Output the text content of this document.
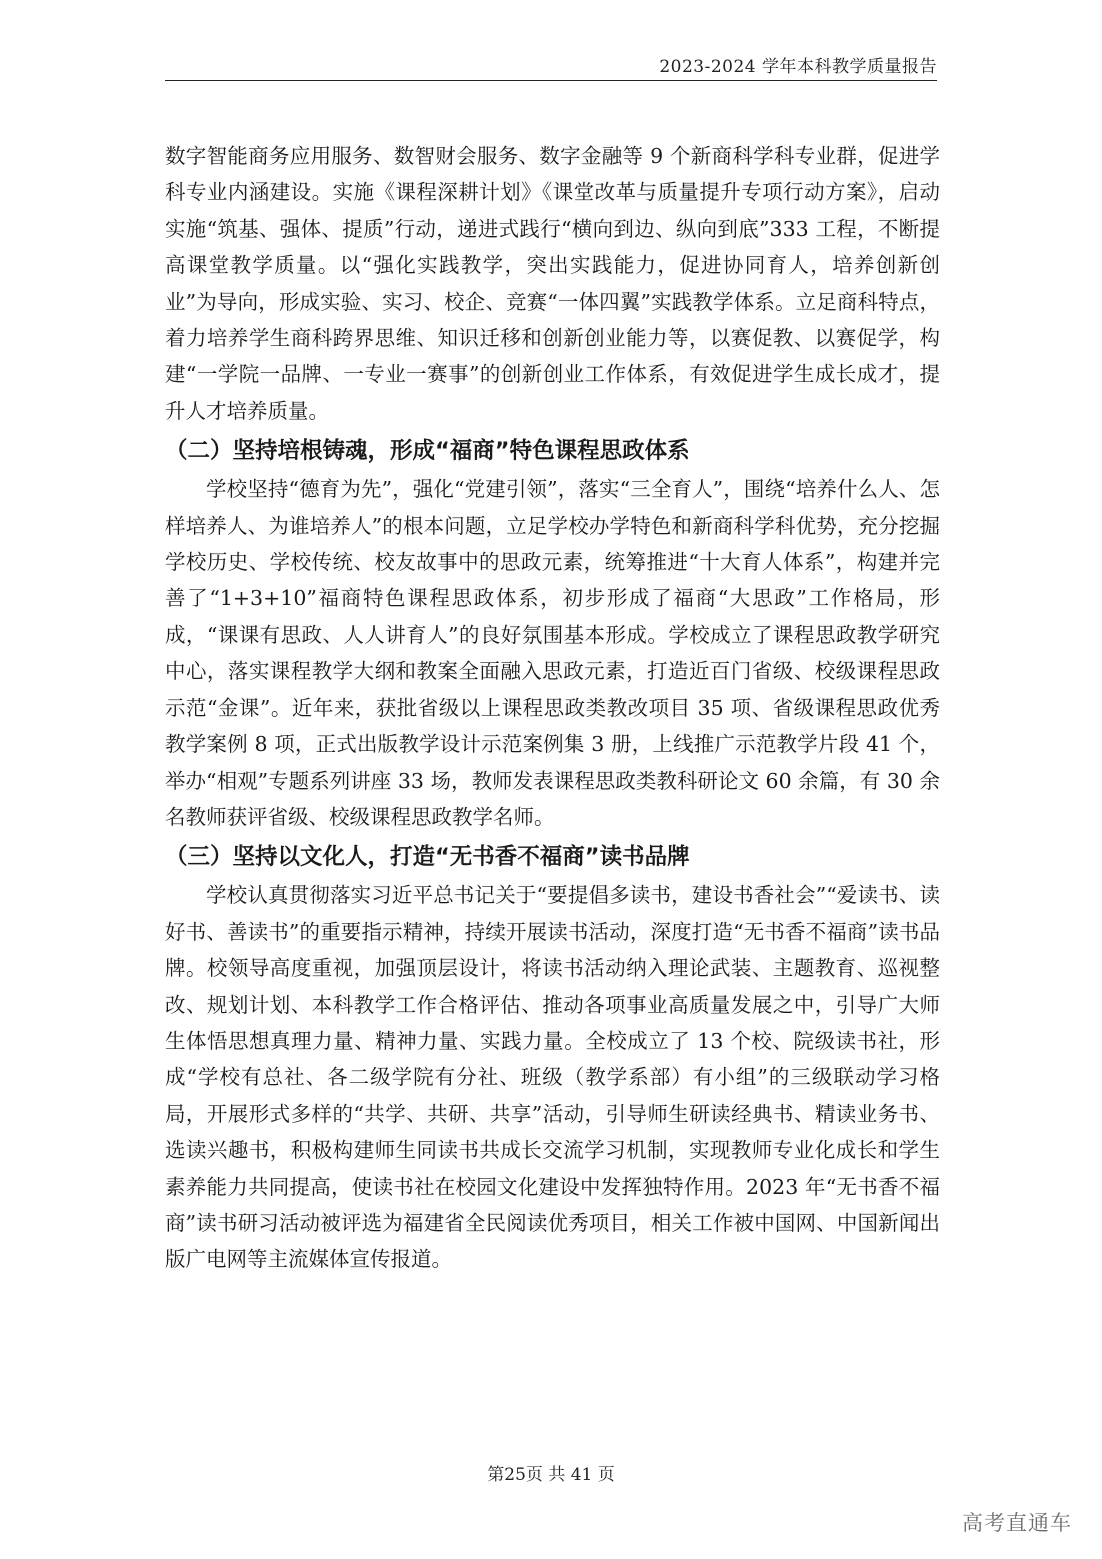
2023-2024 学年本科教学质量报告

数字智能商务应用服务、数智财会服务、数字金融等 9 个新商科学科专业群，促进学科专业内涵建设。实施《课程深耕计划》《课堂改革与质量提升专项行动方案》，启动实施“筑基、强体、提质”行动，递进式践行“横向到边、纵向到底”333 工程，不断提高课堂教学质量。以“强化实践教学，突出实践能力，促进协同育人，培养创新创业”为导向，形成实验、实习、校企、竞赛“一体四翼”实践教学体系。立足商科特点，着力培养学生商科跨界思维、知识迁移和创新创业能力等，以赛促教、以赛促学，构建“一学院一品牌、一专业一赛事”的创新创业工作体系，有效促进学生成长成才，提升人才培养质量。

（二）坚持培根铸魂，形成“福商”特色课程思政体系

学校坚持“德育为先”，强化“党建引领”，落实“三全育人”，围绕“培养什么人、怎样培养人、为谁培养人”的根本问题，立足学校办学特色和新商科学科优势，充分挖掘学校历史、学校传统、校友故事中的思政元素，统筹推进“十大育人体系”，构建并完善了“1+3+10”福商特色课程思政体系，初步形成了福商“大思政”工作格局，形成，“课课有思政、人人讲育人”的良好氛围基本形成。学校成立了课程思政教学研究中心，落实课程教学大纲和教案全面融入思政元素，打造近百门省级、校级课程思政示范“金课”。近年来，获批省级以上课程思政类教改项目 35 项、省级课程思政优秀教学案例 8 项，正式出版教学设计示范案例集 3 册，上线推广示范教学片段 41 个，举办“相观”专题系列讲座 33 场，教师发表课程思政类教科研论文 60 余篇，有 30 余名教师获评省级、校级课程思政教学名师。

（三）坚持以文化人，打造“无书香不福商”读书品牌

学校认真贯彻落实习近平总书记关于“要提倡多读书，建设书香社会”“爱读书、读好书、善读书”的重要指示精神，持续开展读书活动，深度打造“无书香不福商”读书品牌。校领导高度重视，加强顶层设计，将读书活动纳入理论武装、主题教育、巡视整改、规划计划、本科教学工作合格评估、推动各项事业高质量发展之中，引导广大师生体悟思想真理力量、精神力量、实践力量。全校成立了 13 个校、院级读书社，形成“学校有总社、各二级学院有分社、班级（教学系部）有小组”的三级联动学习格局，开展形式多样的“共学、共研、共享”活动，引导师生研读经典书、精读业务书、选读兴趣书，积极构建师生同读书共成长交流学习机制，实现教师专业化成长和学生素养能力共同提高，使读书社在校园文化建设中发挥独特作用。2023 年“无书香不福商”读书研习活动被评选为福建省全民阅读优秀项目，相关工作被中国网、中国新闻出版广电网等主流媒体宣传报道。

第25页 共 41 页
高考直通车
